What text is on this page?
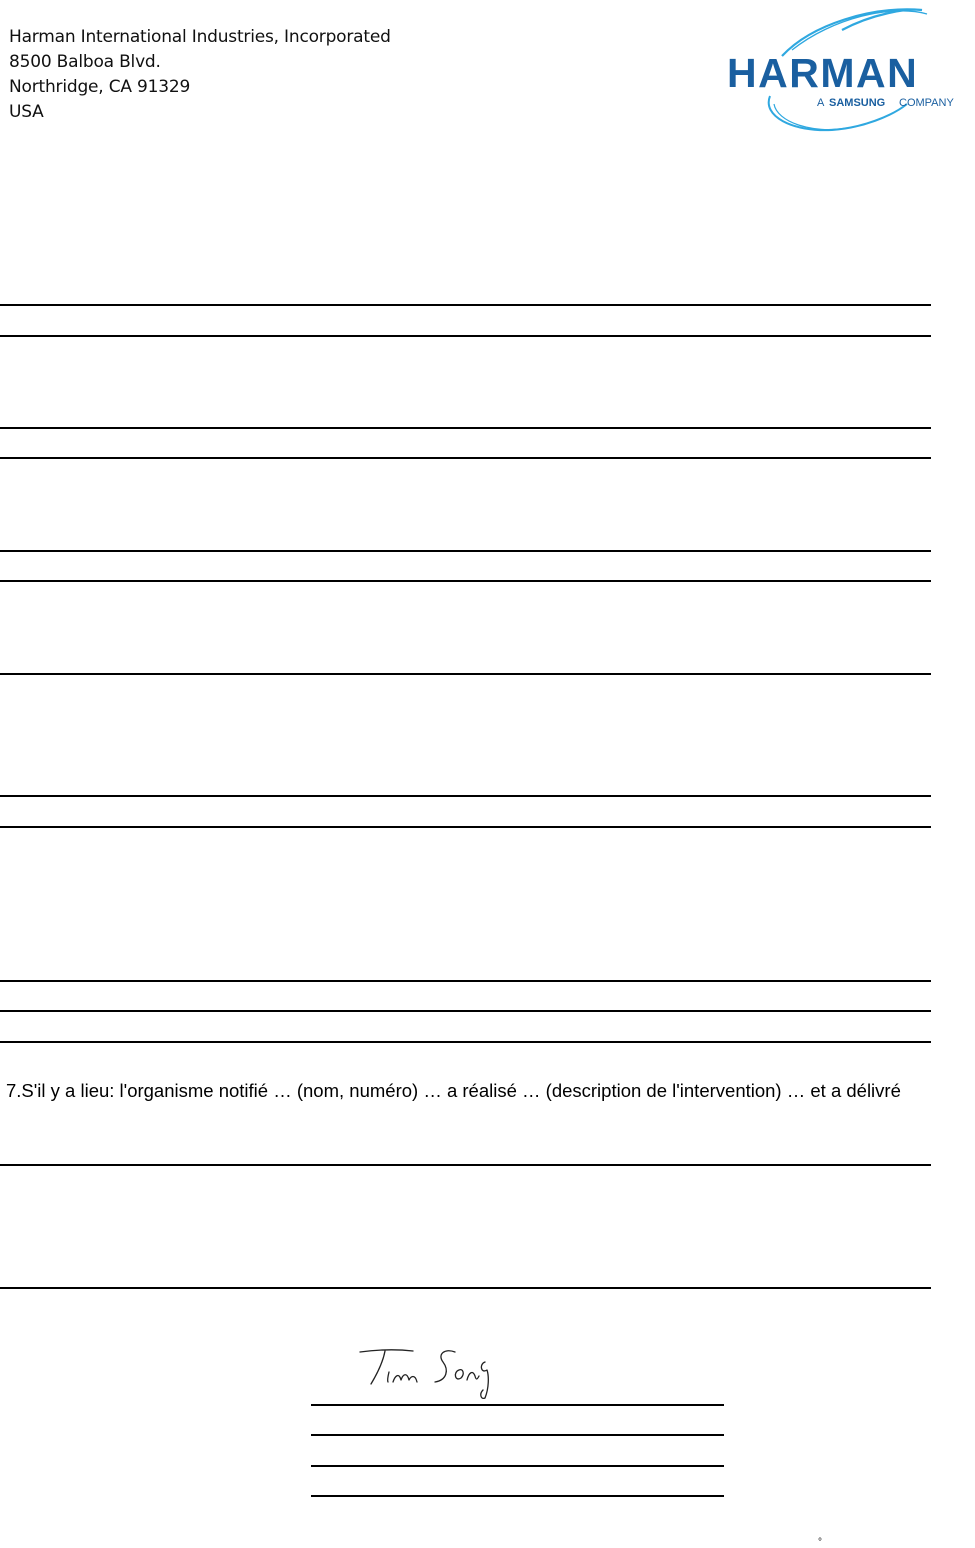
Harman International Industries, Incorporated
8500 Balboa Blvd.
Northridge, CA 91329
USA
HARMAN
A SAMSUNG COMPANY
7.S'il y a lieu: l'organisme notifié … (nom, numéro) … a réalisé … (description de l'intervention) … et a délivré
°
